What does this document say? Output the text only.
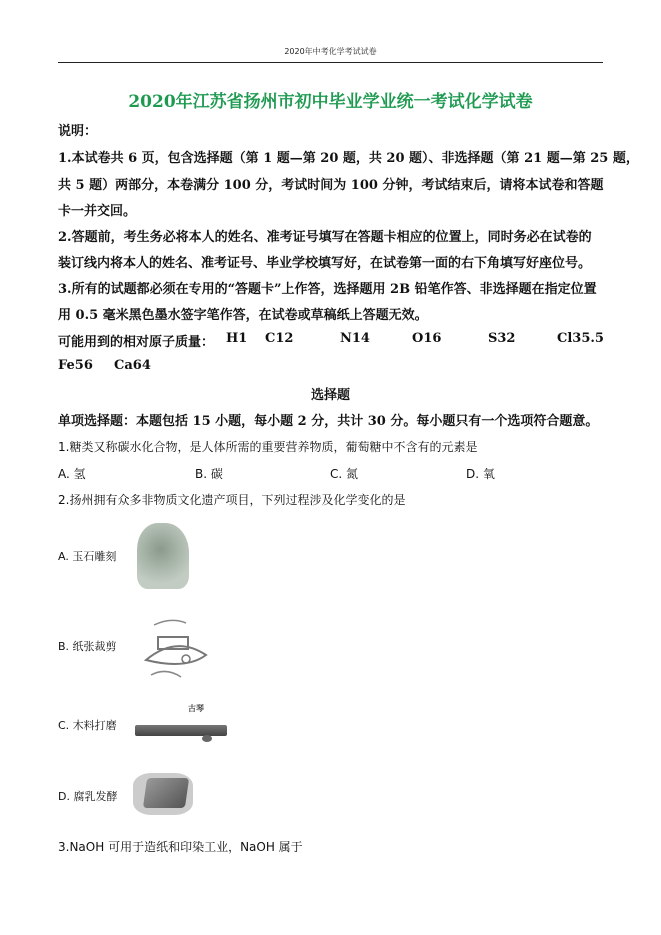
2020年中考化学考试试卷
2020年江苏省扬州市初中毕业学业统一考试化学试卷
说明：
1.本试卷共 6 页，包含选择题（第 1 题—第 20 题，共 20 题）、非选择题（第 21 题—第 25 题，
共 5 题）两部分，本卷满分 100 分，考试时间为 100 分钟，考试结束后，请将本试卷和答题
卡一并交回。
2.答题前，考生务必将本人的姓名、准考证号填写在答题卡相应的位置上，同时务必在试卷的
装订线内将本人的姓名、准考证号、毕业学校填写好，在试卷第一面的右下角填写好座位号。
3.所有的试题都必须在专用的“答题卡”上作答，选择题用 2B 铅笔作答、非选择题在指定位置
用 0.5 毫米黑色墨水签字笔作答，在试卷或草稿纸上答题无效。
可能用到的相对原子质量： H1 C12	N14	O16	S32	Cl35.5
Fe56 Ca64
选择题
单项选择题：本题包括 15 小题，每小题 2 分，共计 30 分。每小题只有一个选项符合题意。
1.糖类又称碳水化合物，是人体所需的重要营养物质，葡萄糖中不含有的元素是
A. 氢	B. 碳	C. 氮	D. 氧
2.扬州拥有众多非物质文化遗产项目，下列过程涉及化学变化的是
A. 玉石雕刻
B. 纸张裁剪
C. 木料打磨
古琴
D. 腐乳发酵
3.NaOH 可用于造纸和印染工业，NaOH 属于
